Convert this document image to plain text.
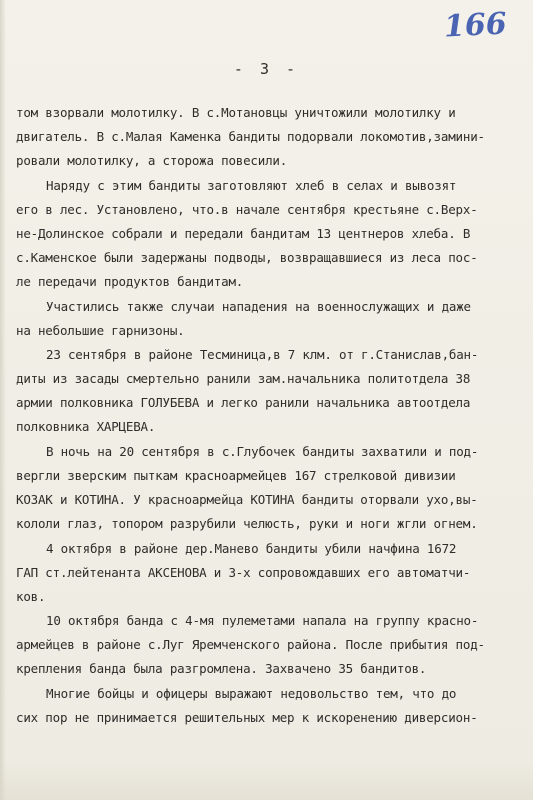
166
- 3 -
том взорвали молотилку. В с.Мотановцы уничтожили молотилку и
двигатель. В с.Малая Каменка бандиты подорвали локомотив,замини-
ровали молотилку, а сторожа повесили.
Наряду с этим бандиты заготовляют хлеб в селах и вывозят
его в лес. Установлено, что.в начале сентября крестьяне с.Верх-
не-Долинское собрали и передали бандитам 13 центнеров хлеба. В
с.Каменское были задержаны подводы, возвращавшиеся из леса пос-
ле передачи продуктов бандитам.
Участились также случаи нападения на военнослужащих и даже
на небольшие гарнизоны.
23 сентября в районе Тесминица,в 7 клм. от г.Станислав,бан-
диты из засады смертельно ранили зам.начальника политотдела 38
армии полковника ГОЛУБЕВА и легко ранили начальника автоотдела
полковника ХАРЦЕВА.
В ночь на 20 сентября в с.Глубочек бандиты захватили и под-
вергли зверским пыткам красноармейцев 167 стрелковой дивизии
КОЗАК и КОТИНА. У красноармейца КОТИНА бандиты оторвали ухо,вы-
кололи глаз, топором разрубили челюсть, руки и ноги жгли огнем.
4 октября в районе дер.Манево бандиты убили начфина 1672
ГАП ст.лейтенанта АКСЕНОВА и 3-х сопровождавших его автоматчи-
ков.
10 октября банда с 4-мя пулеметами напала на группу красно-
армейцев в районе с.Луг Яремченского района. После прибытия под-
крепления банда была разгромлена. Захвачено 35 бандитов.
Многие бойцы и офицеры выражают недовольство тем, что до
сих пор не принимается решительных мер к искоренению диверсион-
